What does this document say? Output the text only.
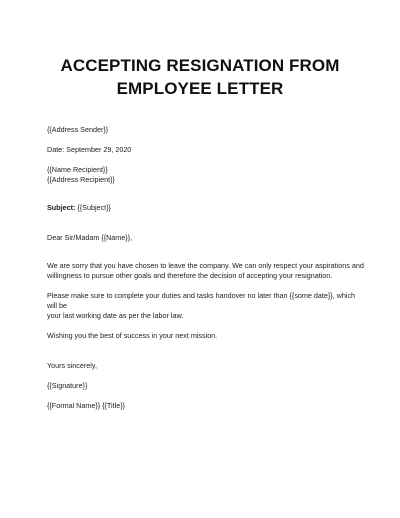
ACCEPTING RESIGNATION FROM
EMPLOYEE LETTER

{{Address Sender}}

Date: September 29, 2020

{{Name Recipient}}

{{Address Recipient}}

Subject: {{Subject}}

Dear Sir/Madam {{Name}},

We are sorry that you have chosen to leave the company. We can only respect your aspirations and

willingness to pursue other goals and therefore the decision of accepting your resignation.

Please make sure to complete your duties and tasks handover no later than {{some date}}, which will be

your last working date as per the labor law.

Wishing you the best of success in your next mission.

Yours sincerely,

{{Signature}}

{{Formal Name}} {{Title}}
